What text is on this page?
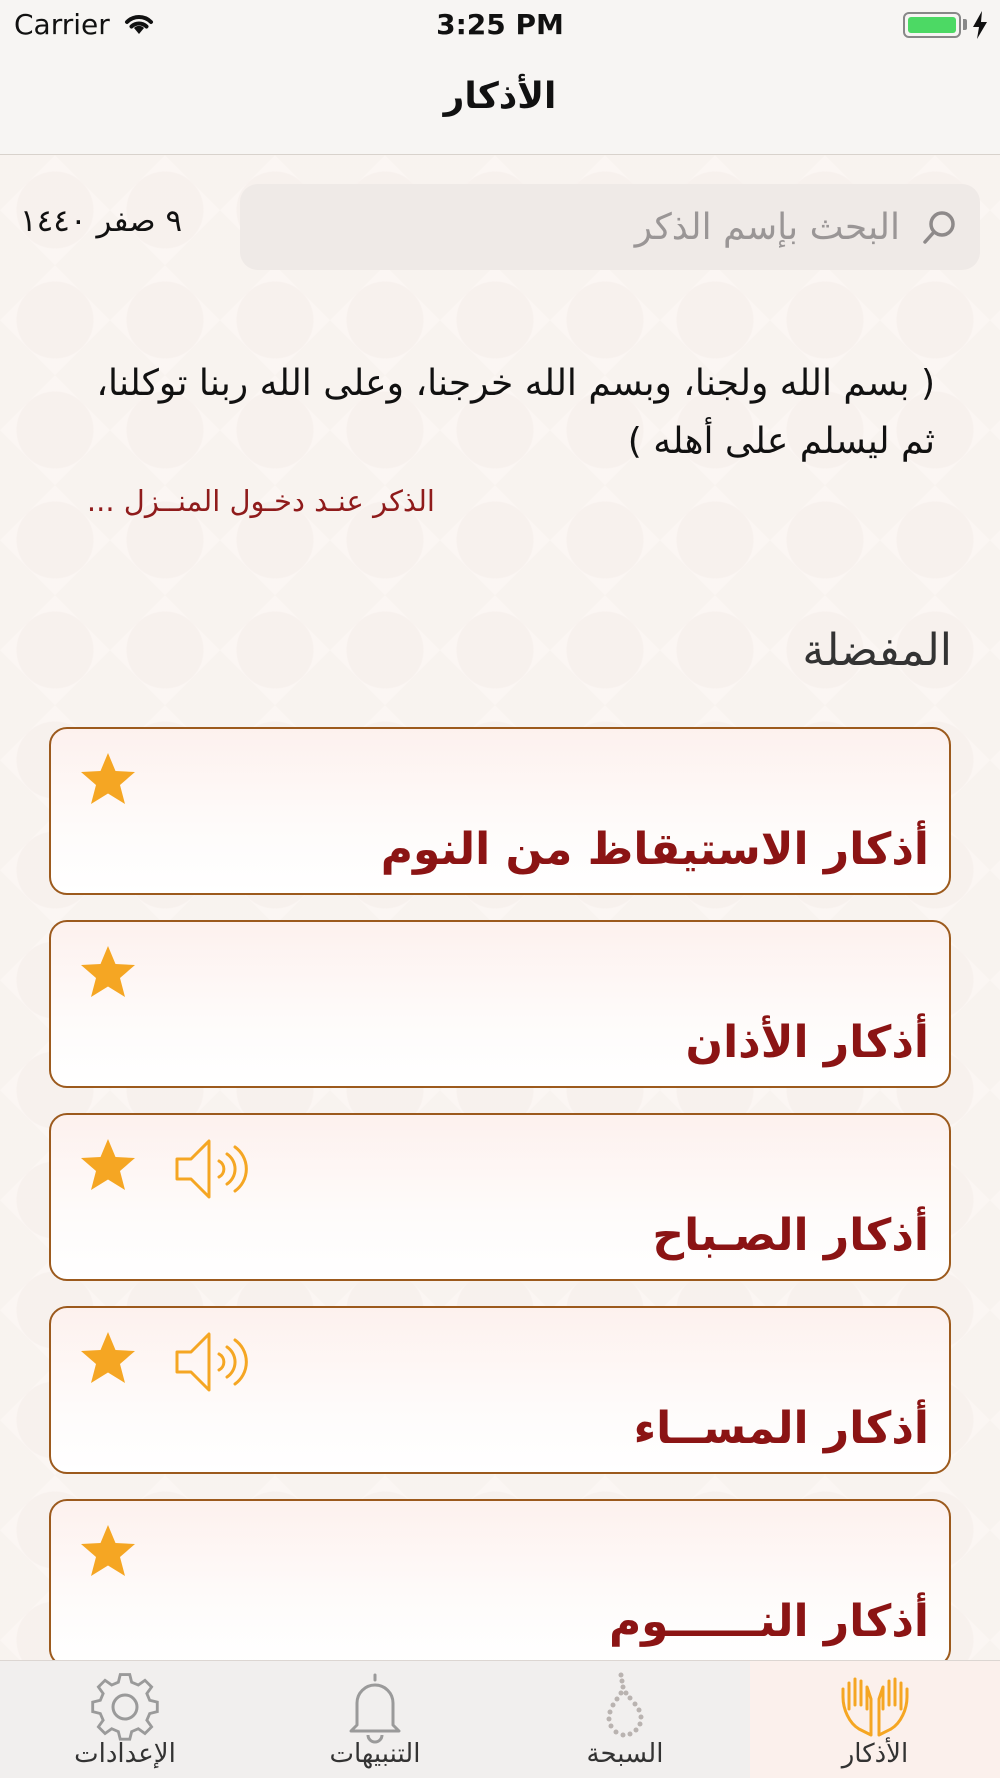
Carrier	3:25 PM
الأذكار
البحث بإسم الذكر
٩ صفر ١٤٤٠
( بسم الله ولجنا، وبسم الله خرجنا، وعلى الله ربنا توكلنا، ثم ليسلم على أهله )
الذكر عنـد دخـول المنــزل ...
المفضلة
أذكار الاستيقاظ من النوم
أذكار الأذان
أذكار الصـباح
أذكار المســاء
أذكار النــــــوم
الإعدادات	التنبيهات	السبحة	الأذكار
